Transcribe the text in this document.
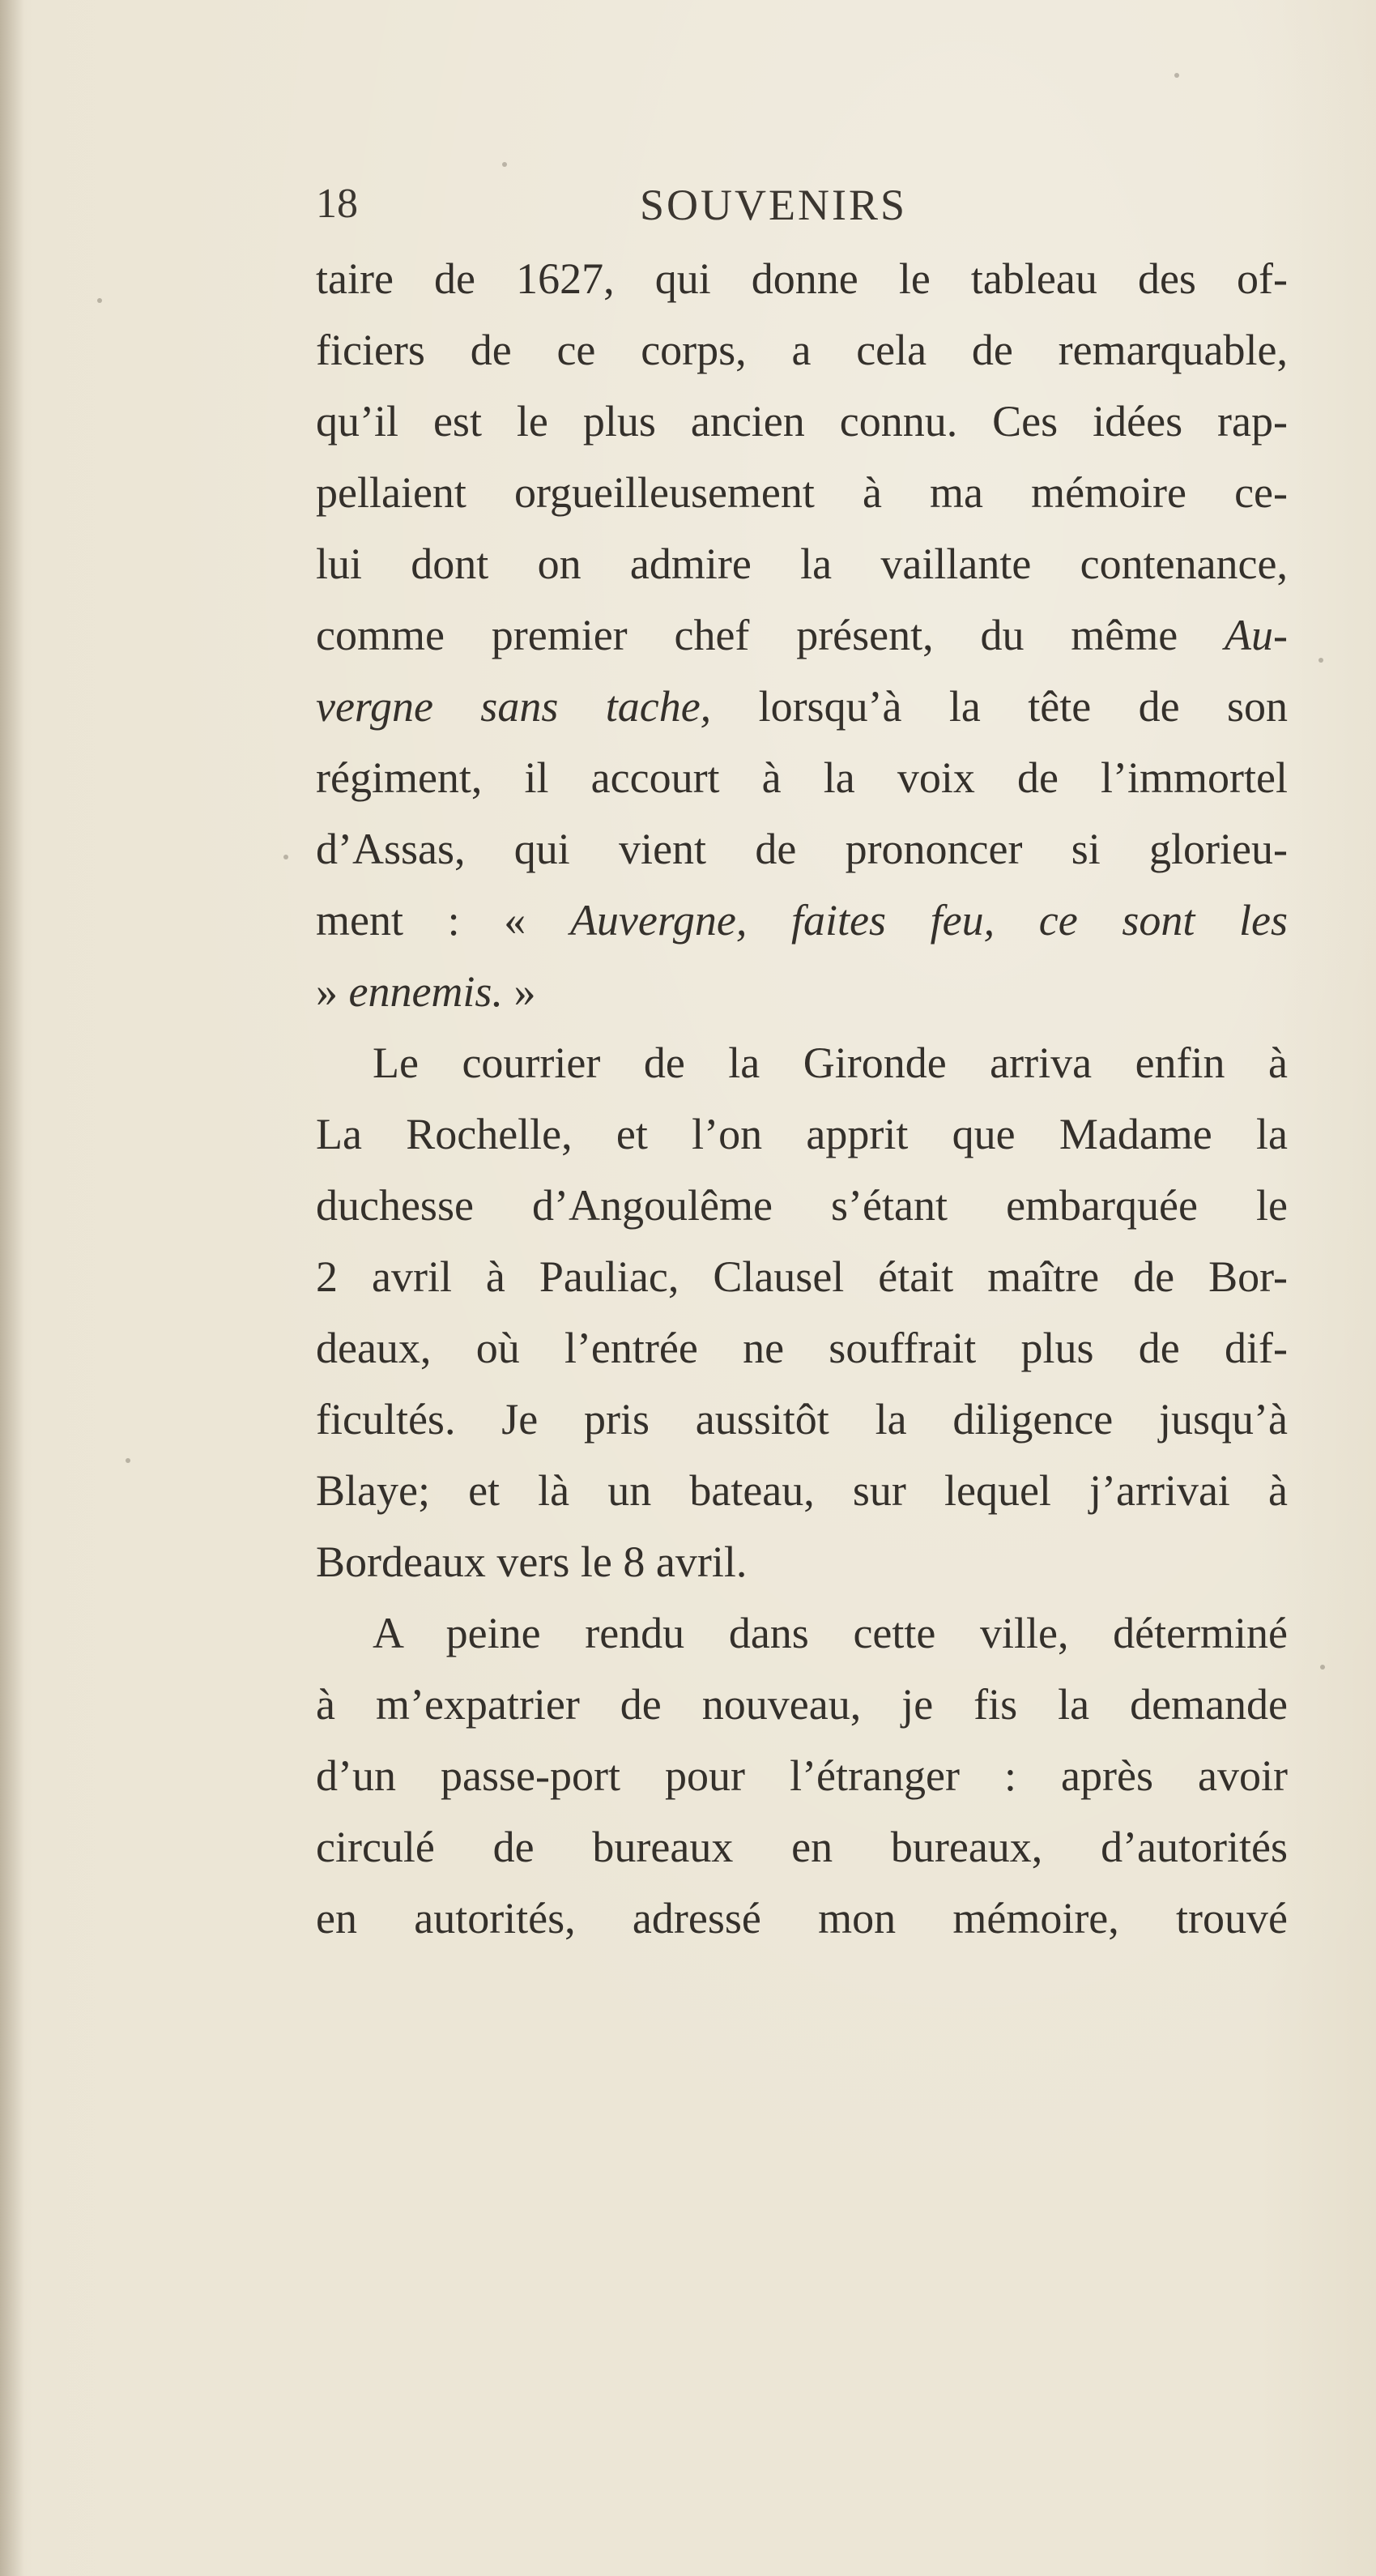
18	SOUVENIRS
taire de 1627, qui donne le tableau des of-
ficiers de ce corps, a cela de remarquable,
qu’il est le plus ancien connu. Ces idées rap-
pellaient orgueilleusement à ma mémoire ce-
lui dont on admire la vaillante contenance,
comme premier chef présent, du même Au-
vergne sans tache, lorsqu’à la tête de son
régiment, il accourt à la voix de l’immortel
d’Assas, qui vient de prononcer si glorieu-
ment : « Auvergne, faites feu, ce sont les
» ennemis. »
Le courrier de la Gironde arriva enfin à
La Rochelle, et l’on apprit que Madame la
duchesse d’Angoulême s’étant embarquée le
2 avril à Pauliac, Clausel était maître de Bor-
deaux, où l’entrée ne souffrait plus de dif-
ficultés. Je pris aussitôt la diligence jusqu’à
Blaye; et là un bateau, sur lequel j’arrivai à
Bordeaux vers le 8 avril.
A peine rendu dans cette ville, déterminé
à m’expatrier de nouveau, je fis la demande
d’un passe-port pour l’étranger : après avoir
circulé de bureaux en bureaux, d’autorités
en autorités, adressé mon mémoire, trouvé
